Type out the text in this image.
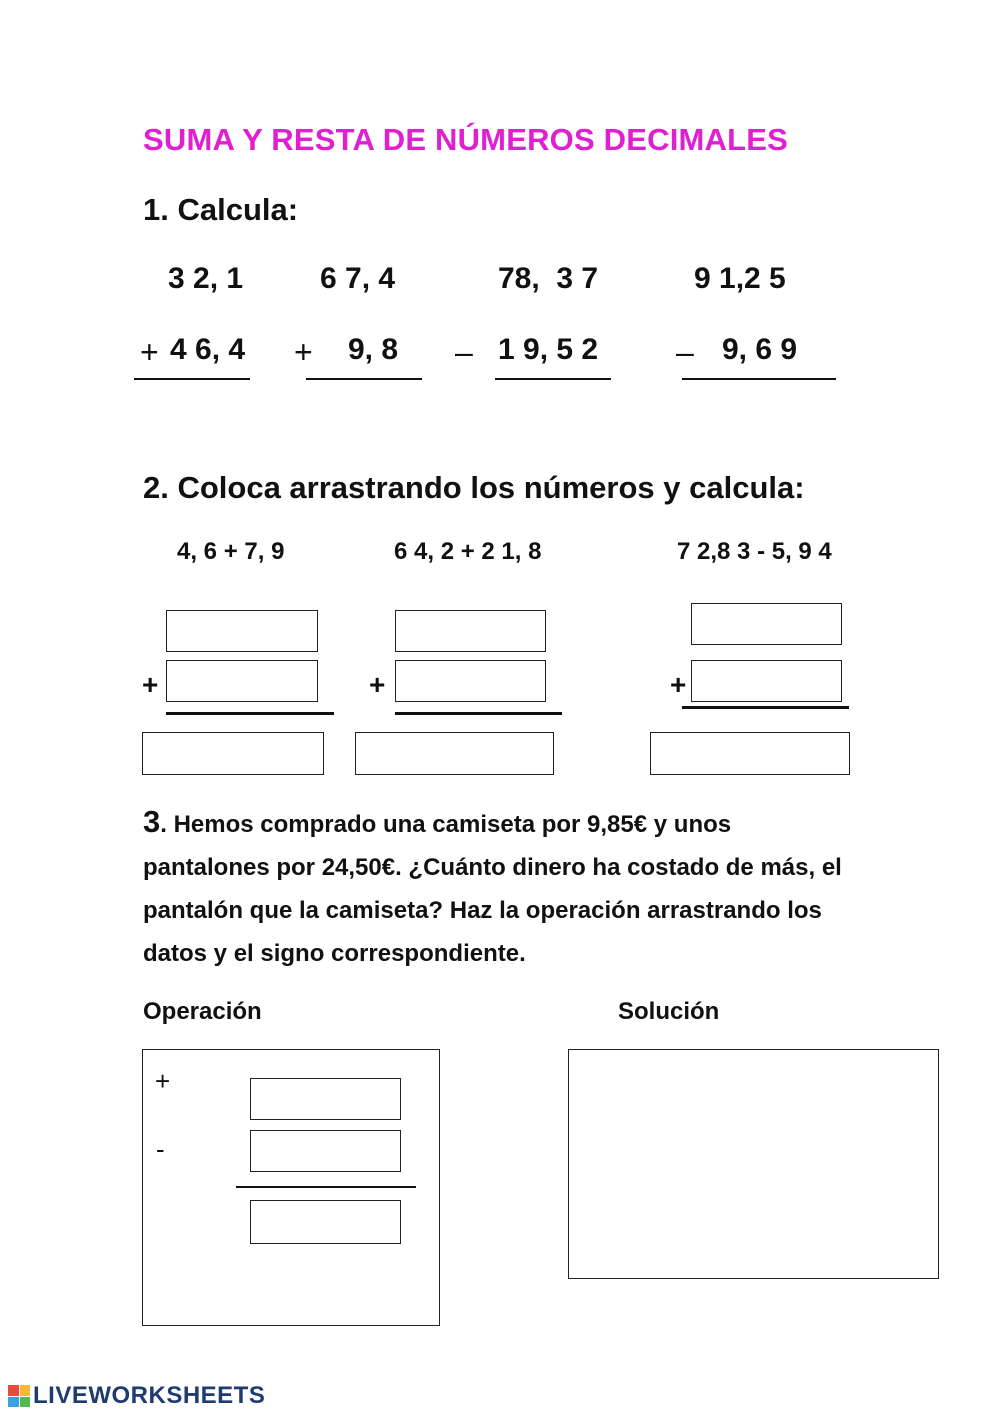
SUMA Y RESTA DE NÚMEROS DECIMALES
1. Calcula:
3 2, 1
+ 4 6, 4
6 7, 4
+ 9, 8
78,  3 7
– 1 9, 5 2
9 1,2 5
– 9, 6 9
2. Coloca arrastrando los números y calcula:
4, 6 + 7, 9	6 4, 2 + 2 1, 8	7 2,8 3 - 5, 9 4
+	+	+
3. Hemos comprado una camiseta por 9,85€ y unos pantalones por 24,50€. ¿Cuánto dinero ha costado de más, el pantalón que la camiseta? Haz la operación arrastrando los datos y el signo correspondiente.
Operación	Solución
+
-
LIVEWORKSHEETS
